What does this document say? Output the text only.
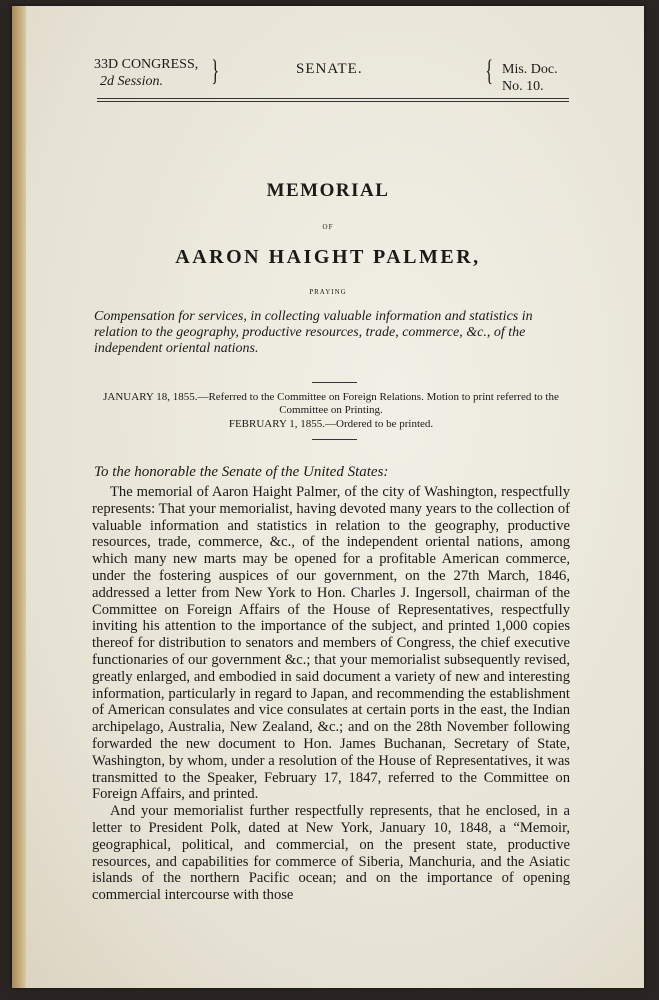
33D CONGRESS,
2d Session.	}	SENATE.	{ Mis. Doc.
No. 10.
MEMORIAL
OF
AARON HAIGHT PALMER,
PRAYING
Compensation for services, in collecting valuable information and statistics in relation to the geography, productive resources, trade, commerce, &c., of the independent oriental nations.
JANUARY 18, 1855.—Referred to the Committee on Foreign Relations. Motion to print referred to the Committee on Printing.
FEBRUARY 1, 1855.—Ordered to be printed.
To the honorable the Senate of the United States:

The memorial of Aaron Haight Palmer, of the city of Washington, respectfully represents: That your memorialist, having devoted many years to the collection of valuable information and statistics in relation to the geography, productive resources, trade, commerce, &c., of the independent oriental nations, among which many new marts may be opened for a profitable American commerce, under the fostering auspices of our government, on the 27th March, 1846, addressed a letter from New York to Hon. Charles J. Ingersoll, chairman of the Committee on Foreign Affairs of the House of Representatives, respectfully inviting his attention to the importance of the subject, and printed 1,000 copies thereof for distribution to senators and members of Congress, the chief executive functionaries of our government &c.; that your memorialist subsequently revised, greatly enlarged, and embodied in said document a variety of new and interesting information, particularly in regard to Japan, and recommending the establishment of American consulates and vice consulates at certain ports in the east, the Indian archipelago, Australia, New Zealand, &c.; and on the 28th November following forwarded the new document to Hon. James Buchanan, Secretary of State, Washington, by whom, under a resolution of the House of Representatives, it was transmitted to the Speaker, February 17, 1847, referred to the Committee on Foreign Affairs, and printed.

And your memorialist further respectfully represents, that he enclosed, in a letter to President Polk, dated at New York, January 10, 1848, a “Memoir, geographical, political, and commercial, on the present state, productive resources, and capabilities for commerce of Siberia, Manchuria, and the Asiatic islands of the northern Pacific ocean; and on the importance of opening commercial intercourse with those
